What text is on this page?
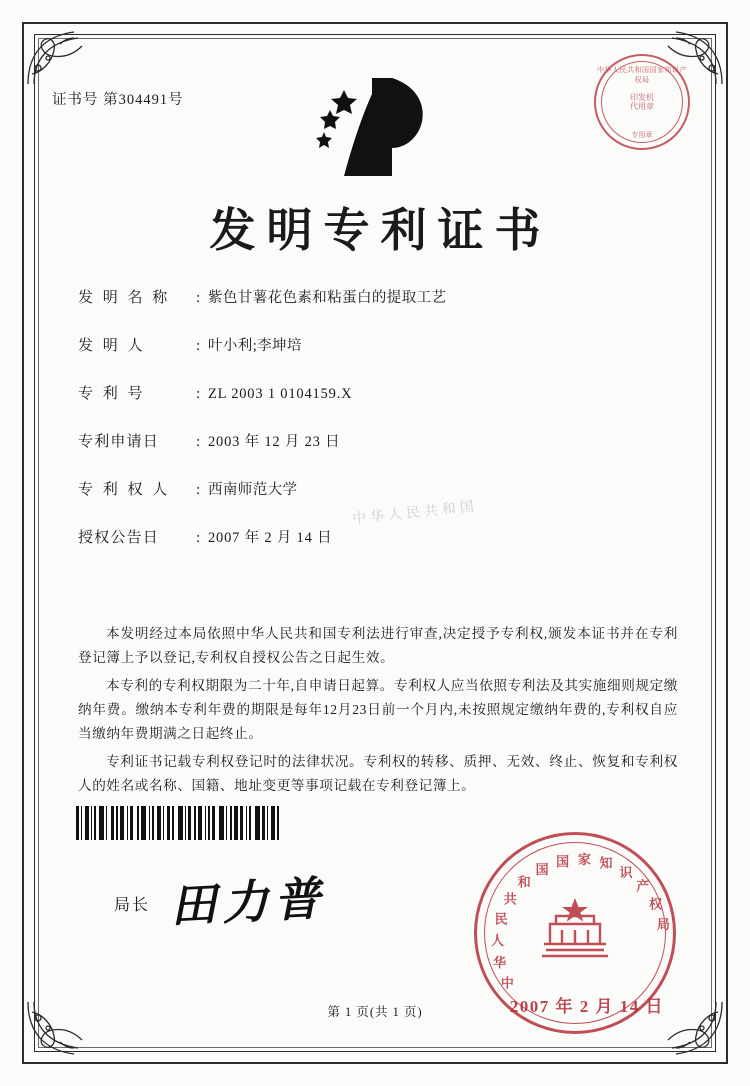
证书号 第304491号
中华人民共和国国家知识产权局
印发机
代用章
专用章
发明专利证书
中华人民共和国
发 明 名 称	: 紫色甘薯花色素和粘蛋白的提取工艺
发 明 人	: 叶小利;李坤培
专 利 号	: ZL 2003 1 0104159.X
专利申请日	: 2003 年 12 月 23 日
专 利 权 人	: 西南师范大学
授权公告日	: 2007 年 2 月 14 日

本发明经过本局依照中华人民共和国专利法进行审查,决定授予专利权,颁发本证书并在专利登记簿上予以登记,专利权自授权公告之日起生效。

本专利的专利权期限为二十年,自申请日起算。专利权人应当依照专利法及其实施细则规定缴纳年费。缴纳本专利年费的期限是每年12月23日前一个月内,未按照规定缴纳年费的,专利权自应当缴纳年费期满之日起终止。

专利证书记载专利权登记时的法律状况。专利权的转移、质押、无效、终止、恢复和专利权人的姓名或名称、国籍、地址变更等事项记载在专利登记簿上。

局长 田力普
中
华
人
民
共
和
国
国 家 知
识
产
权
局
2007 年 2 月 14 日
第 1 页(共 1 页)
